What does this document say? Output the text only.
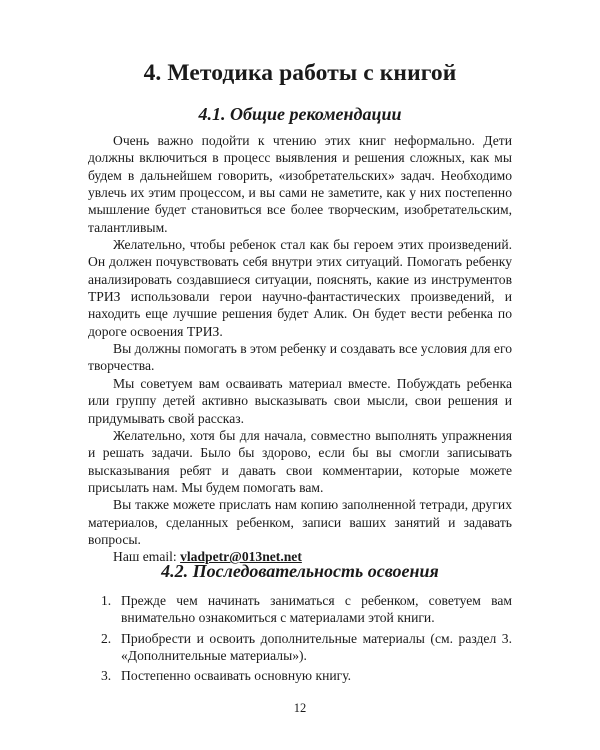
4. Методика работы с книгой
4.1. Общие рекомендации

Очень важно подойти к чтению этих книг неформально. Дети должны включиться в процесс выявления и решения сложных, как мы будем в дальнейшем говорить, «изобретательских» задач. Необходимо увлечь их этим процессом, и вы сами не заметите, как у них постепенно мышление будет становиться все более творческим, изобретательским, талантливым.

Желательно, чтобы ребенок стал как бы героем этих произведений. Он должен почувствовать себя внутри этих ситуаций. Помогать ребенку анализировать создавшиеся ситуации, пояснять, какие из инструментов ТРИЗ использовали герои научно-фантастических произведений, и находить еще лучшие решения будет Алик. Он будет вести ребенка по дороге освоения ТРИЗ.

Вы должны помогать в этом ребенку и создавать все условия для его творчества.

Мы советуем вам осваивать материал вместе. Побуждать ребенка или группу детей активно высказывать свои мысли, свои решения и придумывать свой рассказ.

Желательно, хотя бы для начала, совместно выполнять упражнения и решать задачи. Было бы здорово, если бы вы смогли записывать высказывания ребят и давать свои комментарии, которые можете присылать нам. Мы будем помогать вам.

Вы также можете прислать нам копию заполненной тетради, других материалов, сделанных ребенком, записи ваших занятий и задавать вопросы.

Наш email: vladpetr@013net.net

4.2. Последовательность освоения
1. Прежде чем начинать заниматься с ребенком, советуем вам внимательно ознакомиться с материалами этой книги.
2. Приобрести и освоить дополнительные материалы (см. раздел 3. «Дополнительные материалы»).
3. Постепенно осваивать основную книгу.
12
